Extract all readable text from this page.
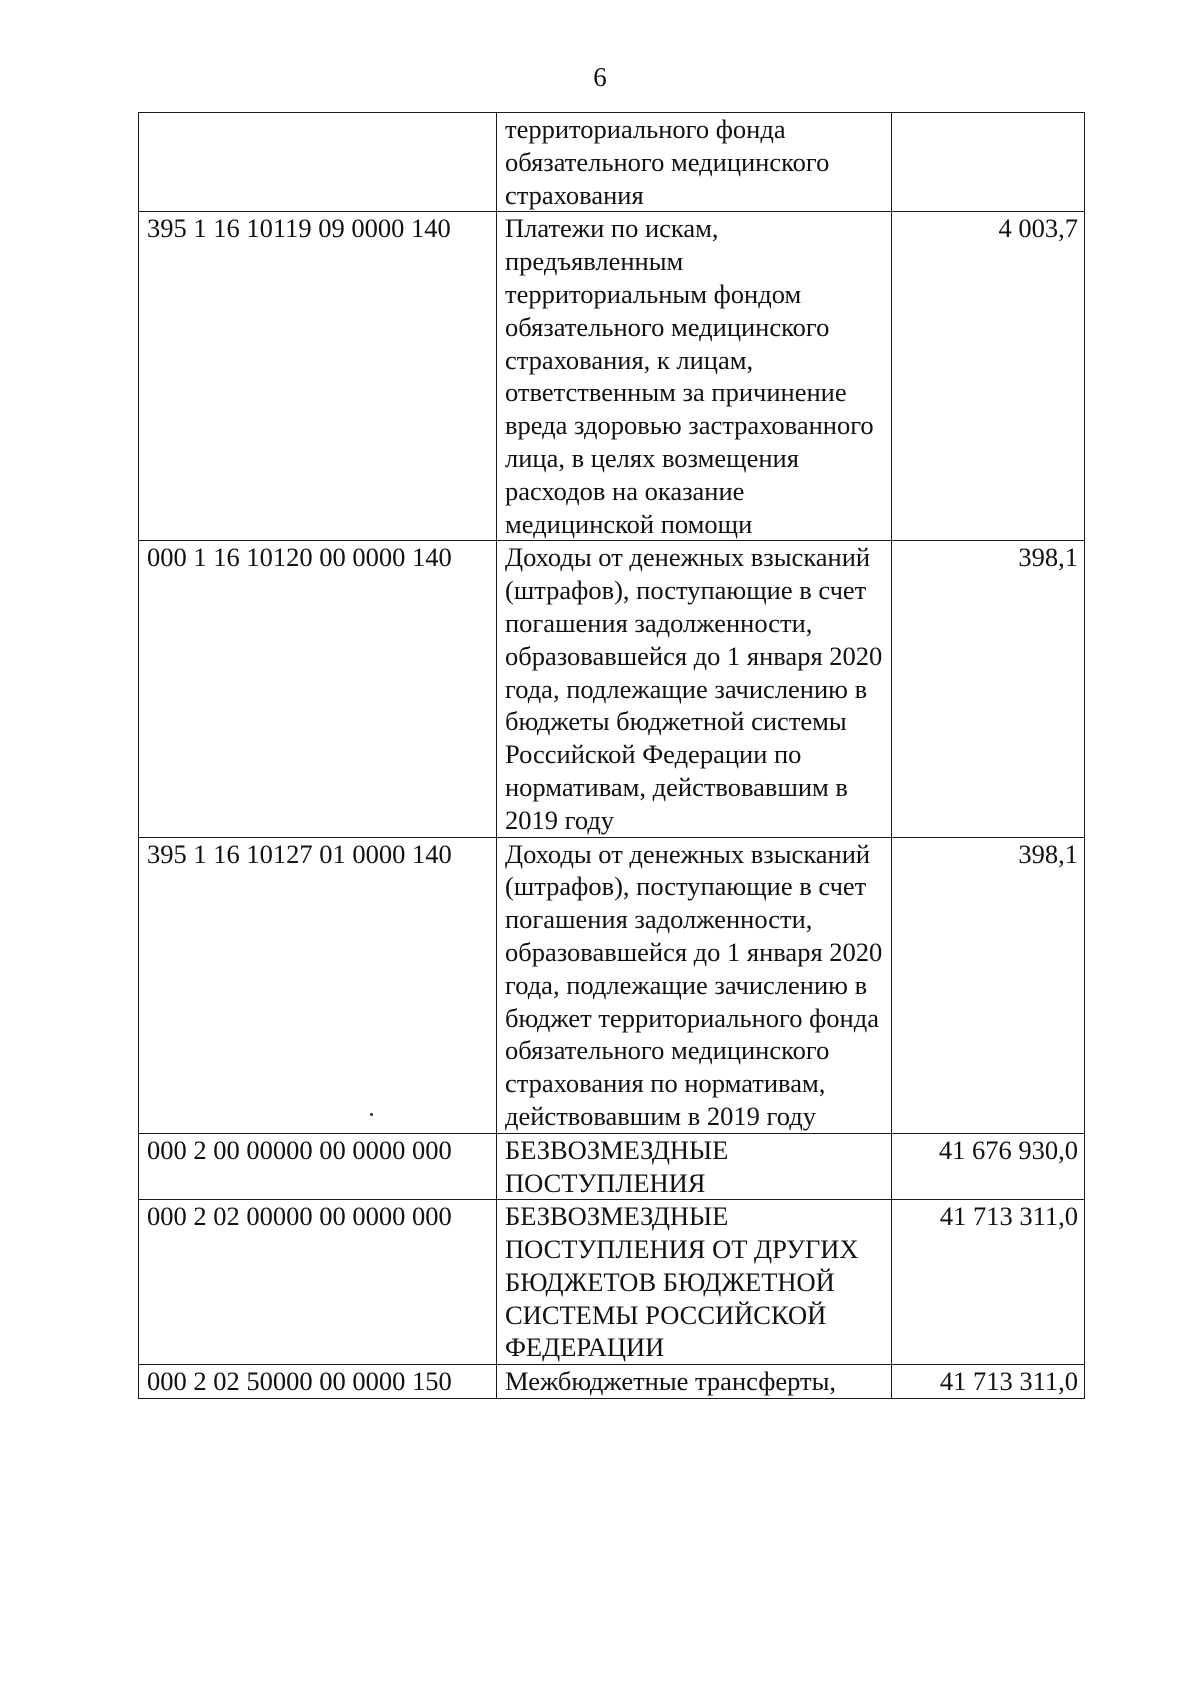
6
	территориального фонда обязательного медицинского страхования	
395 1 16 10119 09 0000 140	Платежи по искам, предъявленным территориальным фондом обязательного медицинского страхования, к лицам, ответственным за причинение вреда здоровью застрахованного лица, в целях возмещения расходов на оказание медицинской помощи	4 003,7
000 1 16 10120 00 0000 140	Доходы от денежных взысканий (штрафов), поступающие в счет погашения задолженности, образовавшейся до 1 января 2020 года, подлежащие зачислению в бюджеты бюджетной системы Российской Федерации по нормативам, действовавшим в 2019 году	398,1
395 1 16 10127 01 0000 140	Доходы от денежных взысканий (штрафов), поступающие в счет погашения задолженности, образовавшейся до 1 января 2020 года, подлежащие зачислению в бюджет территориального фонда обязательного медицинского страхования по нормативам, действовавшим в 2019 году	398,1
000 2 00 00000 00 0000 000	БЕЗВОЗМЕЗДНЫЕ ПОСТУПЛЕНИЯ	41 676 930,0
000 2 02 00000 00 0000 000	БЕЗВОЗМЕЗДНЫЕ ПОСТУПЛЕНИЯ ОТ ДРУГИХ БЮДЖЕТОВ БЮДЖЕТНОЙ СИСТЕМЫ РОССИЙСКОЙ ФЕДЕРАЦИИ	41 713 311,0
000 2 02 50000 00 0000 150	Межбюджетные трансферты,	41 713 311,0
